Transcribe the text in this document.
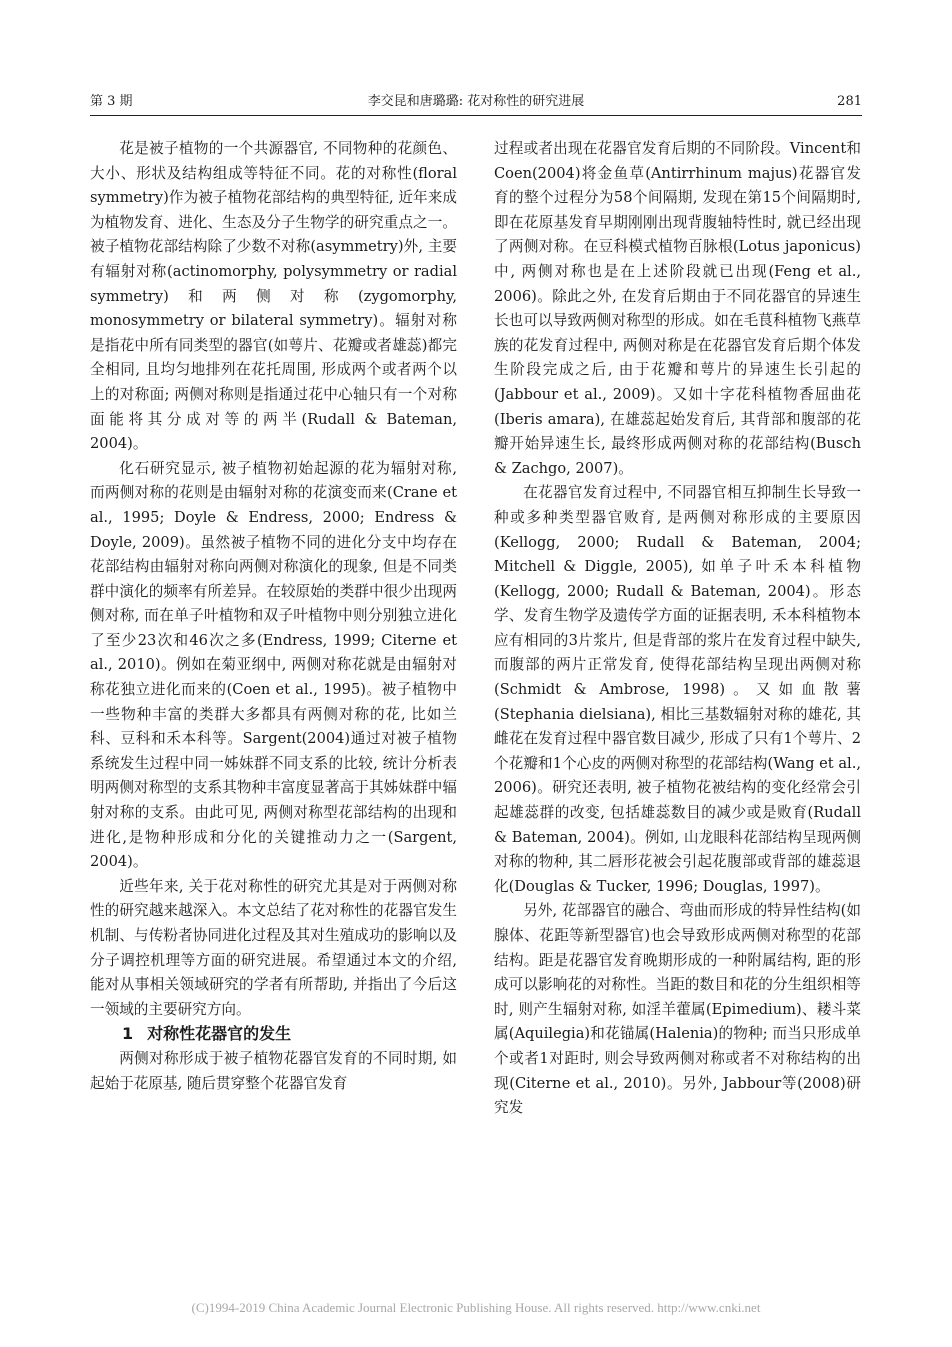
第 3 期	李交昆和唐璐璐: 花对称性的研究进展	281

花是被子植物的一个共源器官, 不同物种的花颜色、大小、形状及结构组成等特征不同。花的对称性(floral symmetry)作为被子植物花部结构的典型特征, 近年来成为植物发育、进化、生态及分子生物学的研究重点之一。被子植物花部结构除了少数不对称(asymmetry)外, 主要有辐射对称(actinomorphy, polysymmetry or radial symmetry)和两侧对称(zygomorphy, monosymmetry or bilateral symmetry)。辐射对称是指花中所有同类型的器官(如萼片、花瓣或者雄蕊)都完全相同, 且均匀地排列在花托周围, 形成两个或者两个以上的对称面; 两侧对称则是指通过花中心轴只有一个对称面能将其分成对等的两半(Rudall & Bateman, 2004)。

化石研究显示, 被子植物初始起源的花为辐射对称, 而两侧对称的花则是由辐射对称的花演变而来(Crane et al., 1995; Doyle & Endress, 2000; Endress & Doyle, 2009)。虽然被子植物不同的进化分支中均存在花部结构由辐射对称向两侧对称演化的现象, 但是不同类群中演化的频率有所差异。在较原始的类群中很少出现两侧对称, 而在单子叶植物和双子叶植物中则分别独立进化了至少23次和46次之多(Endress, 1999; Citerne et al., 2010)。例如在菊亚纲中, 两侧对称花就是由辐射对称花独立进化而来的(Coen et al., 1995)。被子植物中一些物种丰富的类群大多都具有两侧对称的花, 比如兰科、豆科和禾本科等。Sargent(2004)通过对被子植物系统发生过程中同一姊妹群不同支系的比较, 统计分析表明两侧对称型的支系其物种丰富度显著高于其姊妹群中辐射对称的支系。由此可见, 两侧对称型花部结构的出现和进化,是物种形成和分化的关键推动力之一(Sargent, 2004)。

近些年来, 关于花对称性的研究尤其是对于两侧对称性的研究越来越深入。本文总结了花对称性的花器官发生机制、与传粉者协同进化过程及其对生殖成功的影响以及分子调控机理等方面的研究进展。希望通过本文的介绍, 能对从事相关领域研究的学者有所帮助, 并指出了今后这一领域的主要研究方向。

1 对称性花器官的发生

两侧对称形成于被子植物花器官发育的不同时期, 如起始于花原基, 随后贯穿整个花器官发育

过程或者出现在花器官发育后期的不同阶段。Vincent和Coen(2004)将金鱼草(Antirrhinum majus)花器官发育的整个过程分为58个间隔期, 发现在第15个间隔期时, 即在花原基发育早期刚刚出现背腹轴特性时, 就已经出现了两侧对称。在豆科模式植物百脉根(Lotus japonicus)中, 两侧对称也是在上述阶段就已出现(Feng et al., 2006)。除此之外, 在发育后期由于不同花器官的异速生长也可以导致两侧对称型的形成。如在毛茛科植物飞燕草族的花发育过程中, 两侧对称是在花器官发育后期个体发生阶段完成之后, 由于花瓣和萼片的异速生长引起的(Jabbour et al., 2009)。又如十字花科植物香屈曲花(Iberis amara), 在雄蕊起始发育后, 其背部和腹部的花瓣开始异速生长, 最终形成两侧对称的花部结构(Busch & Zachgo, 2007)。

在花器官发育过程中, 不同器官相互抑制生长导致一种或多种类型器官败育, 是两侧对称形成的主要原因(Kellogg, 2000; Rudall & Bateman, 2004; Mitchell & Diggle, 2005), 如单子叶禾本科植物(Kellogg, 2000; Rudall & Bateman, 2004)。形态学、发育生物学及遗传学方面的证据表明, 禾本科植物本应有相同的3片浆片, 但是背部的浆片在发育过程中缺失, 而腹部的两片正常发育, 使得花部结构呈现出两侧对称(Schmidt & Ambrose, 1998)。又如血散薯(Stephania dielsiana), 相比三基数辐射对称的雄花, 其雌花在发育过程中器官数目减少, 形成了只有1个萼片、2个花瓣和1个心皮的两侧对称型的花部结构(Wang et al., 2006)。研究还表明, 被子植物花被结构的变化经常会引起雄蕊群的改变, 包括雄蕊数目的减少或是败育(Rudall & Bateman, 2004)。例如, 山龙眼科花部结构呈现两侧对称的物种, 其二唇形花被会引起花腹部或背部的雄蕊退化(Douglas & Tucker, 1996; Douglas, 1997)。

另外, 花部器官的融合、弯曲而形成的特异性结构(如腺体、花距等新型器官)也会导致形成两侧对称型的花部结构。距是花器官发育晚期形成的一种附属结构, 距的形成可以影响花的对称性。当距的数目和花的分生组织相等时, 则产生辐射对称, 如淫羊藿属(Epimedium)、耧斗菜属(Aquilegia)和花锚属(Halenia)的物种; 而当只形成单个或者1对距时, 则会导致两侧对称或者不对称结构的出现(Citerne et al., 2010)。另外, Jabbour等(2008)研究发

(C)1994-2019 China Academic Journal Electronic Publishing House. All rights reserved. http://www.cnki.net
